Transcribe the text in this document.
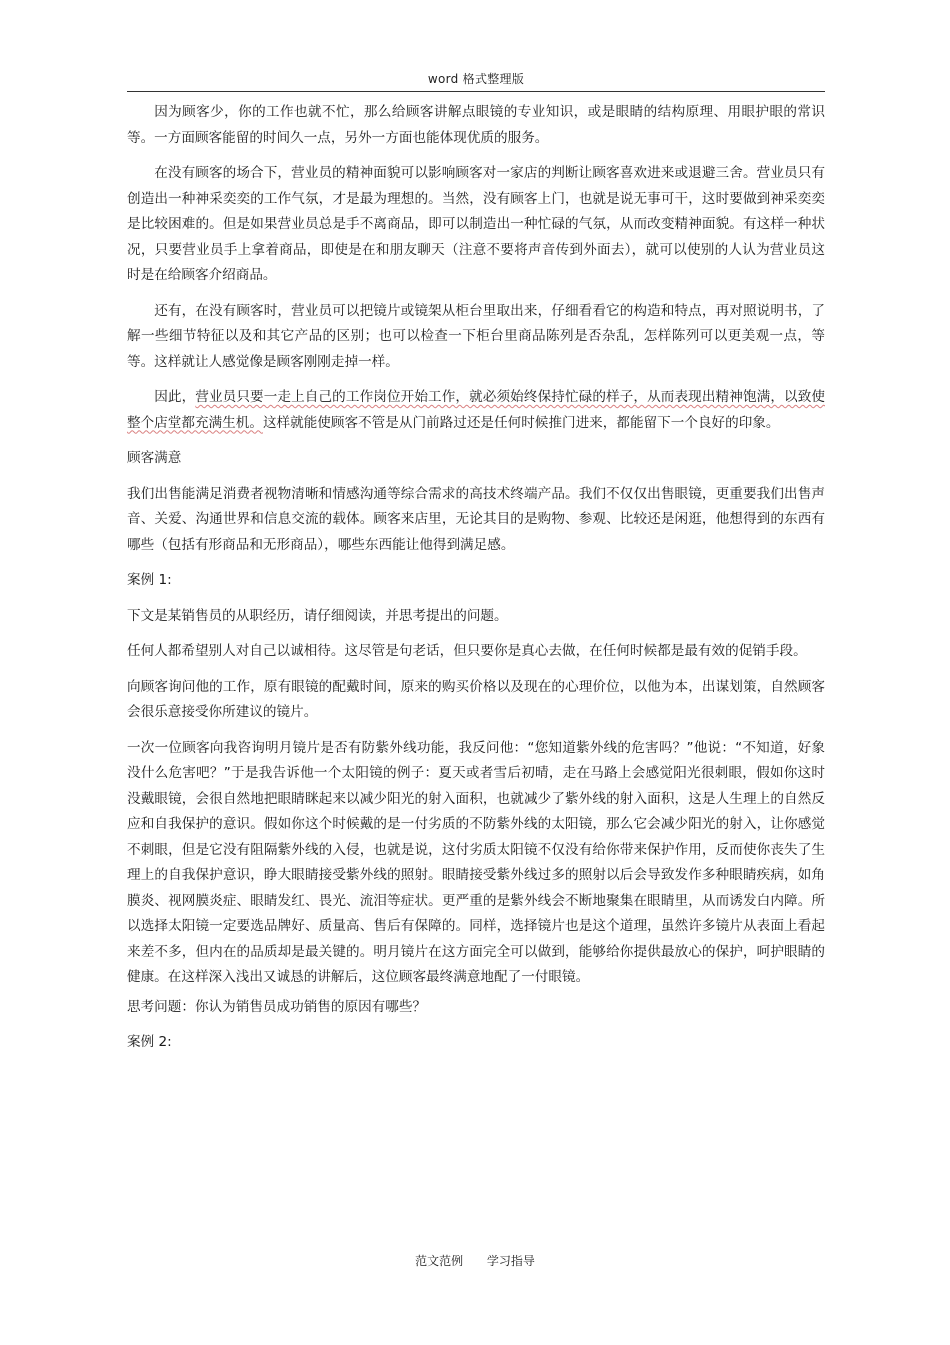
word 格式整理版

因为顾客少，你的工作也就不忙，那么给顾客讲解点眼镜的专业知识，或是眼睛的结构原理、用眼护眼的常识等。一方面顾客能留的时间久一点，另外一方面也能体现优质的服务。

在没有顾客的场合下，营业员的精神面貌可以影响顾客对一家店的判断让顾客喜欢进来或退避三舍。营业员只有创造出一种神采奕奕的工作气氛，才是最为理想的。当然，没有顾客上门，也就是说无事可干，这时要做到神采奕奕是比较困难的。但是如果营业员总是手不离商品，即可以制造出一种忙碌的气氛，从而改变精神面貌。有这样一种状况，只要营业员手上拿着商品，即使是在和朋友聊天（注意不要将声音传到外面去），就可以使别的人认为营业员这时是在给顾客介绍商品。

还有，在没有顾客时，营业员可以把镜片或镜架从柜台里取出来，仔细看看它的构造和特点，再对照说明书，了解一些细节特征以及和其它产品的区别；也可以检查一下柜台里商品陈列是否杂乱，怎样陈列可以更美观一点，等等。这样就让人感觉像是顾客刚刚走掉一样。

因此，营业员只要一走上自己的工作岗位开始工作，就必须始终保持忙碌的样子，从而表现出精神饱满，以致使整个店堂都充满生机。这样就能使顾客不管是从门前路过还是任何时候推门进来，都能留下一个良好的印象。

顾客满意

我们出售能满足消费者视物清晰和情感沟通等综合需求的高技术终端产品。我们不仅仅出售眼镜，更重要我们出售声音、关爱、沟通世界和信息交流的载体。顾客来店里，无论其目的是购物、参观、比较还是闲逛，他想得到的东西有哪些（包括有形商品和无形商品），哪些东西能让他得到满足感。

案例 1:

下文是某销售员的从职经历，请仔细阅读，并思考提出的问题。

任何人都希望别人对自己以诚相待。这尽管是句老话，但只要你是真心去做，在任何时候都是最有效的促销手段。

向顾客询问他的工作，原有眼镜的配戴时间，原来的购买价格以及现在的心理价位，以他为本，出谋划策，自然顾客会很乐意接受你所建议的镜片。

一次一位顾客向我咨询明月镜片是否有防紫外线功能，我反问他：“您知道紫外线的危害吗？”他说：“不知道，好象没什么危害吧？”于是我告诉他一个太阳镜的例子：夏天或者雪后初晴，走在马路上会感觉阳光很刺眼，假如你这时没戴眼镜，会很自然地把眼睛眯起来以减少阳光的射入面积，也就减少了紫外线的射入面积，这是人生理上的自然反应和自我保护的意识。假如你这个时候戴的是一付劣质的不防紫外线的太阳镜，那么它会减少阳光的射入，让你感觉不刺眼，但是它没有阻隔紫外线的入侵，也就是说，这付劣质太阳镜不仅没有给你带来保护作用，反而使你丧失了生理上的自我保护意识，睁大眼睛接受紫外线的照射。眼睛接受紫外线过多的照射以后会导致发作多种眼睛疾病，如角膜炎、视网膜炎症、眼睛发红、畏光、流泪等症状。更严重的是紫外线会不断地聚集在眼睛里，从而诱发白内障。所以选择太阳镜一定要选品牌好、质量高、售后有保障的。同样，选择镜片也是这个道理，虽然许多镜片从表面上看起来差不多，但内在的品质却是最关键的。明月镜片在这方面完全可以做到，能够给你提供最放心的保护，呵护眼睛的健康。在这样深入浅出又诚恳的讲解后，这位顾客最终满意地配了一付眼镜。

思考问题：你认为销售员成功销售的原因有哪些？

案例 2:

范文范例 学习指导
